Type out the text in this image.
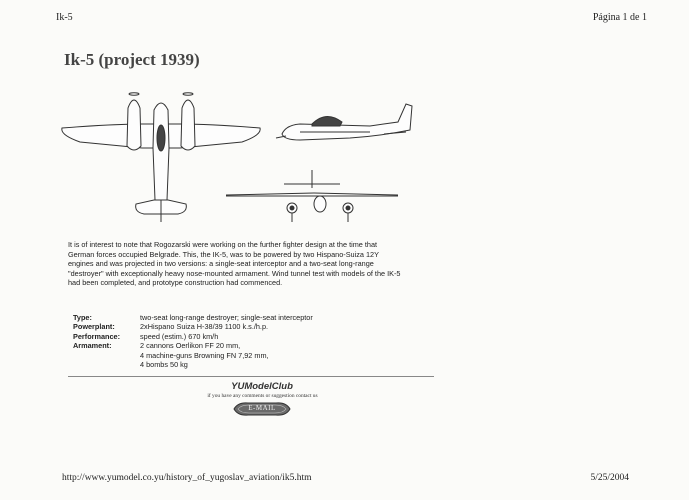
Ik-5	Página 1 de 1
Ik-5 (project 1939)
It is of interest to note that Rogozarski were working on the further fighter design at the time that
German forces occupied Belgrade. This, the IK-5, was to be powered by two Hispano-Suiza 12Y
engines and was projected in two versions: a single-seat interceptor and a two-seat long-range
"destroyer" with exceptionally heavy nose-mounted armament. Wind tunnel test with models of the IK-5
had been completed, and prototype construction had commenced.
Type:	two-seat long-range destroyer; single-seat interceptor
Powerplant:	2xHispano Suiza H-38/39 1100 k.s./h.p.
Performance:	speed (estim.) 670 km/h
Armament:	2 cannons Oerlikon FF 20 mm,
4 machine-guns Browning FN 7,92 mm,
4 bombs 50 kg
YUModelClub
if you have any comments or suggestion contact us
E-MAIL
http://www.yumodel.co.yu/history_of_yugoslav_aviation/ik5.htm	5/25/2004
